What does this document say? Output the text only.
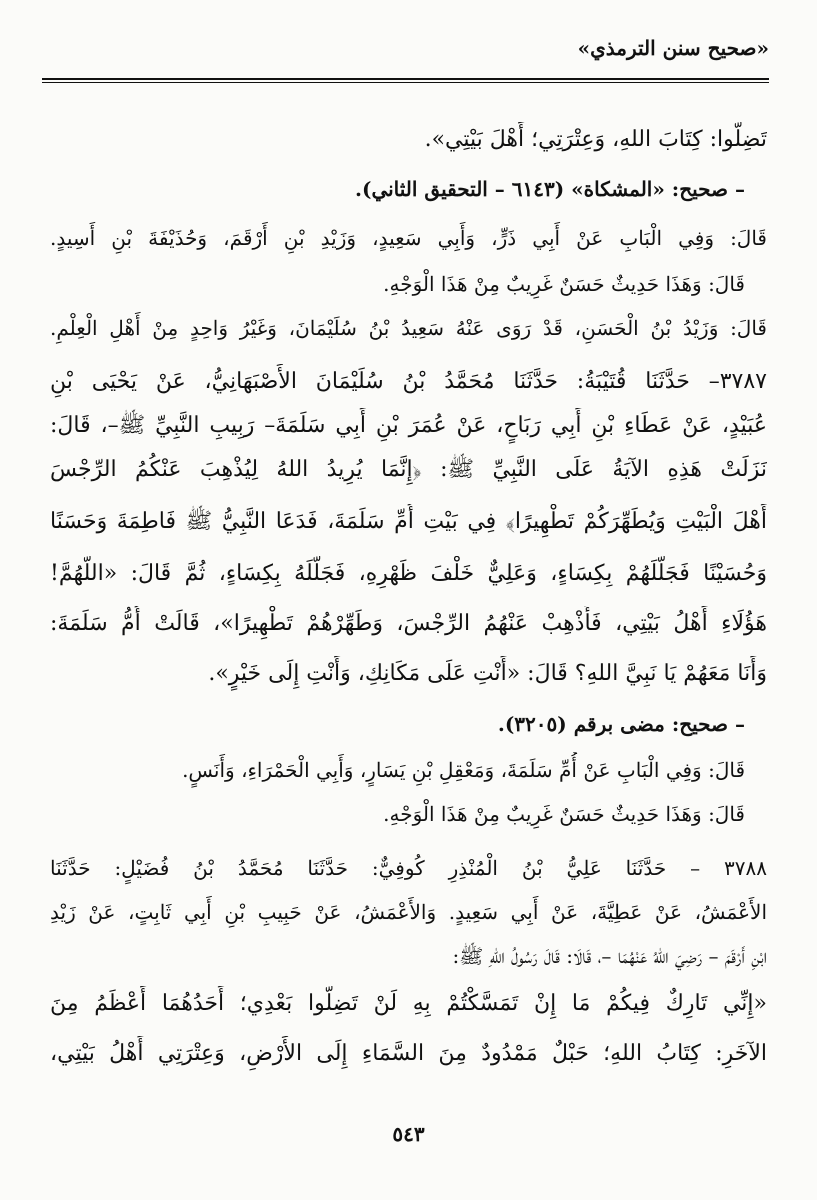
«صحيح سنن الترمذي»
تَضِلُّوا: كِتَابَ اللهِ، وَعِتْرَتِي؛ أَهْلَ بَيْتِي».
– صحيح: «المشكاة» (٦١٤٣ – التحقيق الثاني).
قَالَ: وَفِي الْبَابِ عَنْ أَبِي ذَرٍّ، وَأَبِي سَعِيدٍ، وَزَيْدِ بْنِ أَرْقَمَ، وَحُذَيْفَةَ بْنِ أَسِيدٍ.
قَالَ: وَهَذَا حَدِيثٌ حَسَنٌ غَرِيبٌ مِنْ هَذَا الْوَجْهِ.
قَالَ: وَزَيْدُ بْنُ الْحَسَنِ، قَدْ رَوَى عَنْهُ سَعِيدُ بْنُ سُلَيْمَانَ، وَغَيْرُ وَاحِدٍ مِنْ أَهْلِ الْعِلْمِ.
٣٧٨٧– حَدَّثَنَا قُتَيْبَةُ: حَدَّثَنَا مُحَمَّدُ بْنُ سُلَيْمَانَ الأَصْبَهَانِيُّ، عَنْ يَحْيَى بْنِ
عُبَيْدٍ، عَنْ عَطَاءِ بْنِ أَبِي رَبَاحٍ، عَنْ عُمَرَ بْنِ أَبِي سَلَمَةَ– رَبِيبِ النَّبِيِّ ﷺ–، قَالَ:
نَزَلَتْ هَذِهِ الآيَةُ عَلَى النَّبِيِّ ﷺ: ﴿إِنَّمَا يُرِيدُ اللهُ لِيُذْهِبَ عَنْكُمُ الرِّجْسَ
أَهْلَ الْبَيْتِ وَيُطَهِّرَكُمْ تَطْهِيرًا﴾ فِي بَيْتِ أُمِّ سَلَمَةَ، فَدَعَا النَّبِيُّ ﷺ فَاطِمَةَ وَحَسَنًا
وَحُسَيْنًا فَجَلَّلَهُمْ بِكِسَاءٍ، وَعَلِيٌّ خَلْفَ ظَهْرِهِ، فَجَلَّلَهُ بِكِسَاءٍ، ثُمَّ قَالَ: «اللَّهُمَّ!
هَؤُلَاءِ أَهْلُ بَيْتِي، فَأَذْهِبْ عَنْهُمُ الرِّجْسَ، وَطَهِّرْهُمْ تَطْهِيرًا»، قَالَتْ أُمُّ سَلَمَةَ:
وَأَنَا مَعَهُمْ يَا نَبِيَّ اللهِ؟ قَالَ: «أَنْتِ عَلَى مَكَانِكِ، وَأَنْتِ إِلَى خَيْرٍ».
– صحيح: مضى برقم (٣٢٠٥).
قَالَ: وَفِي الْبَابِ عَنْ أُمِّ سَلَمَةَ، وَمَعْقِلِ بْنِ يَسَارٍ، وَأَبِي الْحَمْرَاءِ، وَأَنَسٍ.
قَالَ: وَهَذَا حَدِيثٌ حَسَنٌ غَرِيبٌ مِنْ هَذَا الْوَجْهِ.
٣٧٨٨ – حَدَّثَنَا عَلِيُّ بْنُ الْمُنْذِرِ كُوفِيٌّ: حَدَّثَنَا مُحَمَّدُ بْنُ فُضَيْلٍ: حَدَّثَنَا
الأَعْمَشُ، عَنْ عَطِيَّةَ، عَنْ أَبِي سَعِيدٍ. وَالأَعْمَشُ، عَنْ حَبِيبِ بْنِ أَبِي ثَابِتٍ، عَنْ زَيْدِ
ابْنِ أَرْقَمَ – رَضِيَ اللهُ عَنْهُمَا –، قَالَا: قَالَ رَسُولُ اللهِ ﷺ:
«إِنِّي تَارِكٌ فِيكُمْ مَا إِنْ تَمَسَّكْتُمْ بِهِ لَنْ تَضِلُّوا بَعْدِي؛ أَحَدُهُمَا أَعْظَمُ مِنَ
الآخَرِ: كِتَابُ اللهِ؛ حَبْلٌ مَمْدُودٌ مِنَ السَّمَاءِ إِلَى الأَرْضِ، وَعِتْرَتِي أَهْلُ بَيْتِي،
٥٤٣
